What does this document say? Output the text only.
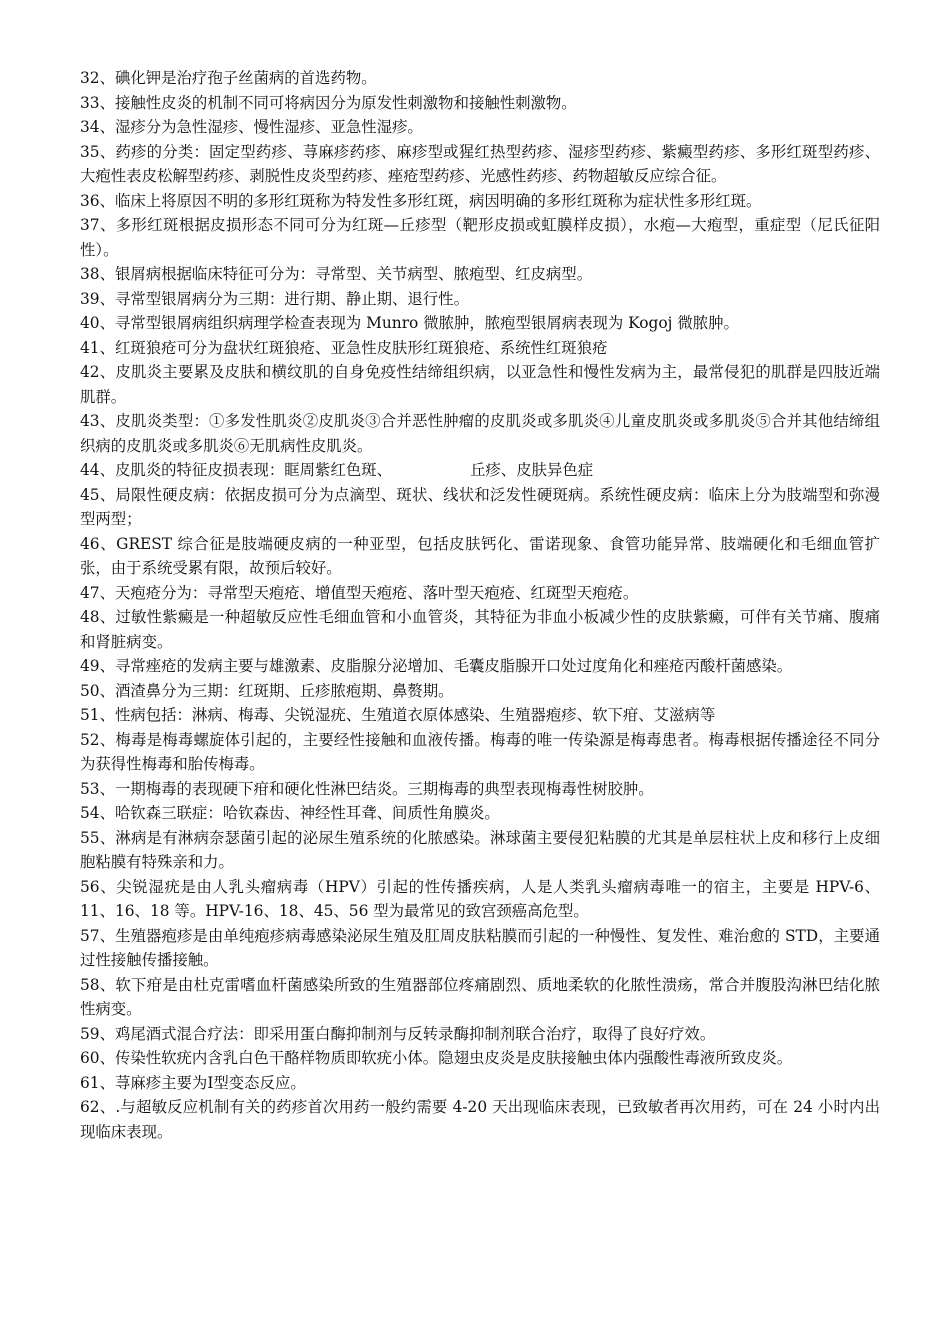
32、碘化钾是治疗孢子丝菌病的首选药物。

33、接触性皮炎的机制不同可将病因分为原发性刺激物和接触性刺激物。

34、湿疹分为急性湿疹、慢性湿疹、亚急性湿疹。

35、药疹的分类：固定型药疹、荨麻疹药疹、麻疹型或猩红热型药疹、湿疹型药疹、紫癜型药疹、多形红斑型药疹、大疱性表皮松解型药疹、剥脱性皮炎型药疹、痤疮型药疹、光感性药疹、药物超敏反应综合征。

36、临床上将原因不明的多形红斑称为特发性多形红斑，病因明确的多形红斑称为症状性多形红斑。

37、多形红斑根据皮损形态不同可分为红斑—丘疹型（靶形皮损或虹膜样皮损），水疱—大疱型，重症型（尼氏征阳性）。

38、银屑病根据临床特征可分为：寻常型、关节病型、脓疱型、红皮病型。

39、寻常型银屑病分为三期：进行期、静止期、退行性。

40、寻常型银屑病组织病理学检查表现为 Munro 微脓肿，脓疱型银屑病表现为 Kogoj 微脓肿。

41、红斑狼疮可分为盘状红斑狼疮、亚急性皮肤形红斑狼疮、系统性红斑狼疮

42、皮肌炎主要累及皮肤和横纹肌的自身免疫性结缔组织病，以亚急性和慢性发病为主，最常侵犯的肌群是四肢近端肌群。

43、皮肌炎类型：①多发性肌炎②皮肌炎③合并恶性肿瘤的皮肌炎或多肌炎④儿童皮肌炎或多肌炎⑤合并其他结缔组织病的皮肌炎或多肌炎⑥无肌病性皮肌炎。

44、皮肌炎的特征皮损表现：眶周紫红色斑、	丘疹、皮肤异色症

45、局限性硬皮病：依据皮损可分为点滴型、斑状、线状和泛发性硬斑病。系统性硬皮病：临床上分为肢端型和弥漫型两型；

46、GREST 综合征是肢端硬皮病的一种亚型，包括皮肤钙化、雷诺现象、食管功能异常、肢端硬化和毛细血管扩张，由于系统受累有限，故预后较好。

47、天疱疮分为：寻常型天疱疮、增值型天疱疮、落叶型天疱疮、红斑型天疱疮。

48、过敏性紫癜是一种超敏反应性毛细血管和小血管炎，其特征为非血小板减少性的皮肤紫癜，可伴有关节痛、腹痛和肾脏病变。

49、寻常痤疮的发病主要与雄激素、皮脂腺分泌增加、毛囊皮脂腺开口处过度角化和痤疮丙酸杆菌感染。

50、酒渣鼻分为三期：红斑期、丘疹脓疱期、鼻赘期。

51、性病包括：淋病、梅毒、尖锐湿疣、生殖道衣原体感染、生殖器疱疹、软下疳、艾滋病等

52、梅毒是梅毒螺旋体引起的，主要经性接触和血液传播。梅毒的唯一传染源是梅毒患者。梅毒根据传播途径不同分为获得性梅毒和胎传梅毒。

53、一期梅毒的表现硬下疳和硬化性淋巴结炎。三期梅毒的典型表现梅毒性树胶肿。

54、哈钦森三联症：哈钦森齿、神经性耳聋、间质性角膜炎。

55、淋病是有淋病奈瑟菌引起的泌尿生殖系统的化脓感染。淋球菌主要侵犯粘膜的尤其是单层柱状上皮和移行上皮细胞粘膜有特殊亲和力。

56、尖锐湿疣是由人乳头瘤病毒（HPV）引起的性传播疾病，人是人类乳头瘤病毒唯一的宿主，主要是 HPV-6、11、16、18 等。HPV-16、18、45、56 型为最常见的致宫颈癌高危型。

57、生殖器疱疹是由单纯疱疹病毒感染泌尿生殖及肛周皮肤粘膜而引起的一种慢性、复发性、难治愈的 STD，主要通过性接触传播接触。

58、软下疳是由杜克雷嗜血杆菌感染所致的生殖器部位疼痛剧烈、质地柔软的化脓性溃疡，常合并腹股沟淋巴结化脓性病变。

59、鸡尾酒式混合疗法：即采用蛋白酶抑制剂与反转录酶抑制剂联合治疗，取得了良好疗效。

60、传染性软疣内含乳白色干酪样物质即软疣小体。隐翅虫皮炎是皮肤接触虫体内强酸性毒液所致皮炎。

61、荨麻疹主要为Ⅰ型变态反应。

62、.与超敏反应机制有关的药疹首次用药一般约需要 4-20 天出现临床表现，已致敏者再次用药，可在 24 小时内出现临床表现。
